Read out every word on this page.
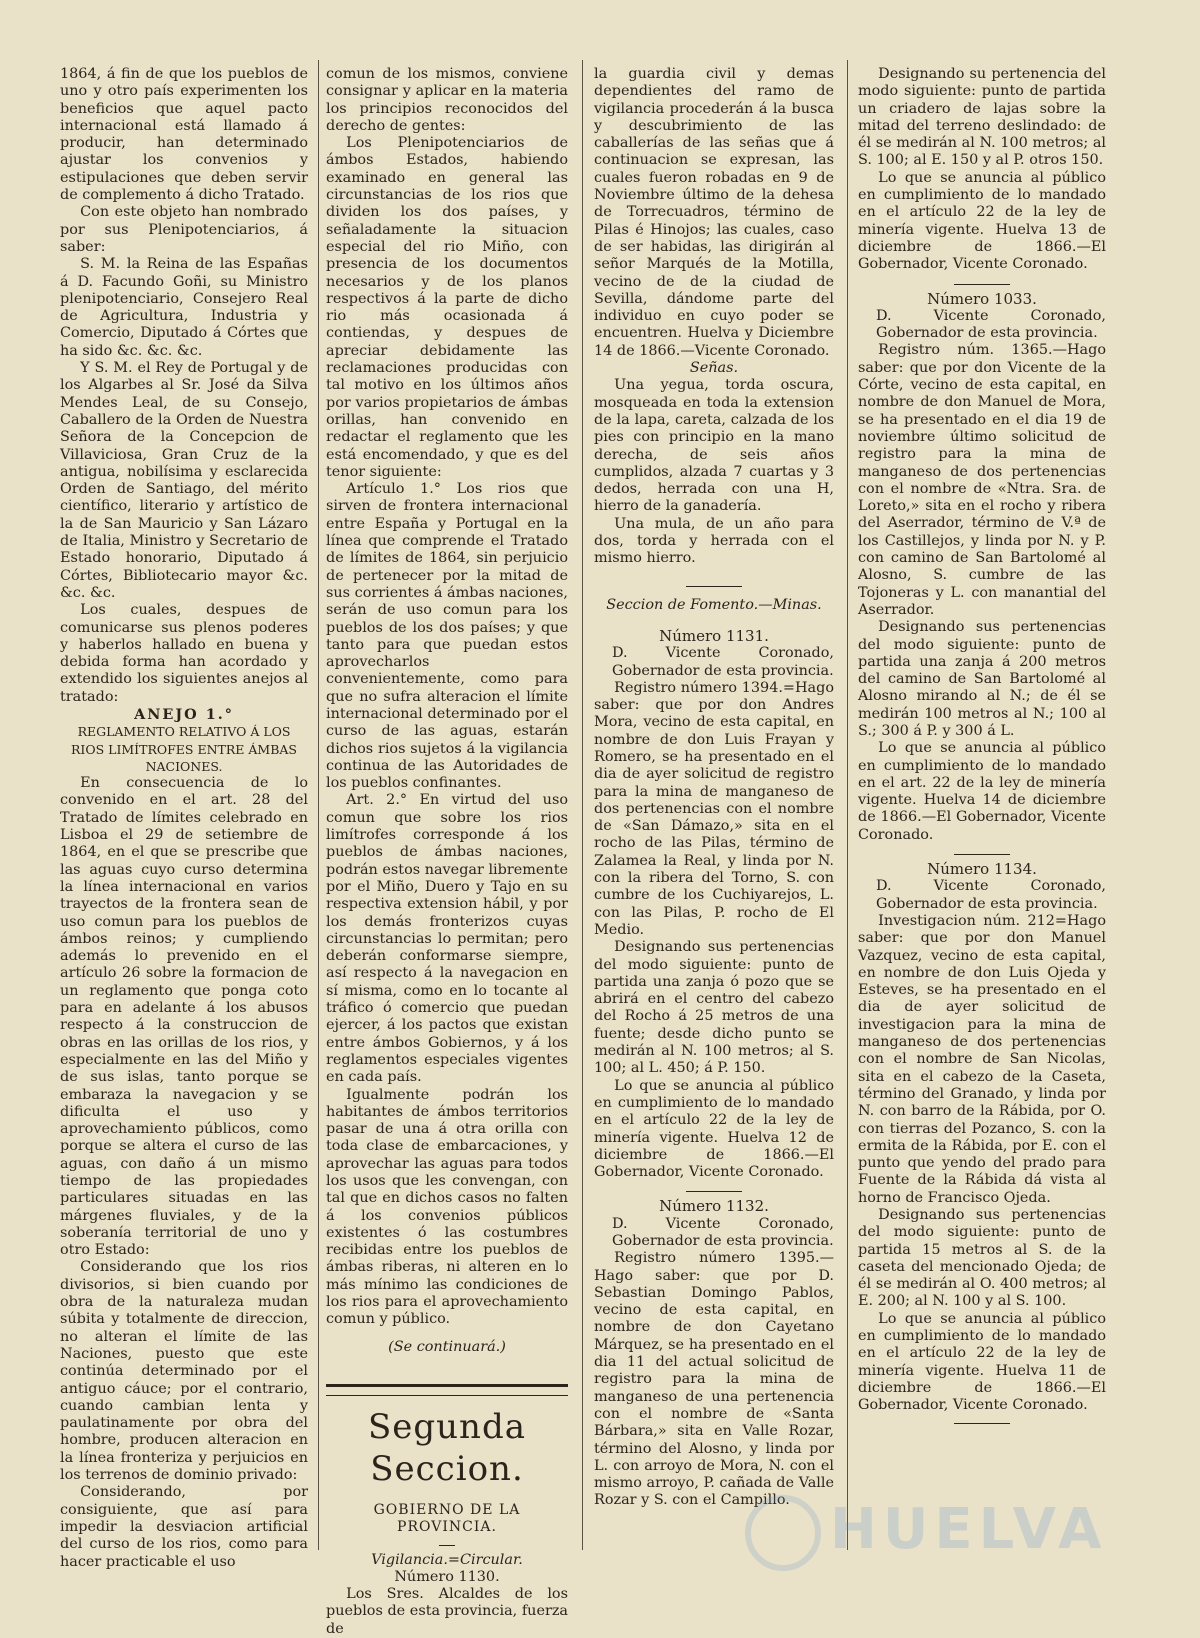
1864, á fin de que los pueblos de uno y otro país experimenten los beneficios que aquel pacto internacional está llamado á producir, han determinado ajustar los convenios y estipulaciones que deben servir de complemento á dicho Tratado.

Con este objeto han nombrado por sus Plenipotenciarios, á saber:

S. M. la Reina de las Españas á D. Facundo Goñi, su Ministro plenipotenciario, Consejero Real de Agricultura, Industria y Comercio, Diputado á Córtes que ha sido &c. &c. &c.

Y S. M. el Rey de Portugal y de los Algarbes al Sr. José da Silva Mendes Leal, de su Consejo, Caballero de la Orden de Nuestra Señora de la Concepcion de Villaviciosa, Gran Cruz de la antigua, nobilísima y esclarecida Orden de Santiago, del mérito científico, literario y artístico de la de San Mauricio y San Lázaro de Italia, Ministro y Secretario de Estado honorario, Diputado á Córtes, Bibliotecario mayor &c. &c. &c.

Los cuales, despues de comunicarse sus plenos poderes y haberlos hallado en buena y debida forma han acordado y extendido los siguientes anejos al tratado:

ANEJO 1.°
REGLAMENTO RELATIVO Á LOS RIOS LIMÍTROFES ENTRE ÁMBAS NACIONES.

En consecuencia de lo convenido en el art. 28 del Tratado de límites celebrado en Lisboa el 29 de setiembre de 1864, en el que se prescribe que las aguas cuyo curso determina la línea internacional en varios trayectos de la frontera sean de uso comun para los pueblos de ámbos reinos; y cumpliendo además lo prevenido en el artículo 26 sobre la formacion de un reglamento que ponga coto para en adelante á los abusos respecto á la construccion de obras en las orillas de los rios, y especialmente en las del Miño y de sus islas, tanto porque se embaraza la navegacion y se dificulta el uso y aprovechamiento públicos, como porque se altera el curso de las aguas, con daño á un mismo tiempo de las propiedades particulares situadas en las márgenes fluviales, y de la soberanía territorial de uno y otro Estado:

Considerando que los rios divisorios, si bien cuando por obra de la naturaleza mudan súbita y totalmente de direccion, no alteran el límite de las Naciones, puesto que este continúa determinado por el antiguo cáuce; por el contrario, cuando cambian lenta y paulatinamente por obra del hombre, producen alteracion en la línea fronteriza y perjuicios en los terrenos de dominio privado:

Considerando, por consiguiente, que así para impedir la desviacion artificial del curso de los rios, como para hacer practicable el uso

comun de los mismos, conviene consignar y aplicar en la materia los principios reconocidos del derecho de gentes:

Los Plenipotenciarios de ámbos Estados, habiendo examinado en general las circunstancias de los rios que dividen los dos países, y señaladamente la situacion especial del rio Miño, con presencia de los documentos necesarios y de los planos respectivos á la parte de dicho rio más ocasionada á contiendas, y despues de apreciar debidamente las reclamaciones producidas con tal motivo en los últimos años por varios propietarios de ámbas orillas, han convenido en redactar el reglamento que les está encomendado, y que es del tenor siguiente:

Artículo 1.° Los rios que sirven de frontera internacional entre España y Portugal en la línea que comprende el Tratado de límites de 1864, sin perjuicio de pertenecer por la mitad de sus corrientes á ámbas naciones, serán de uso comun para los pueblos de los dos países; y que tanto para que puedan estos aprovecharlos convenientemente, como para que no sufra alteracion el límite internacional determinado por el curso de las aguas, estarán dichos rios sujetos á la vigilancia continua de las Autoridades de los pueblos confinantes.

Art. 2.° En virtud del uso comun que sobre los rios limítrofes corresponde á los pueblos de ámbas naciones, podrán estos navegar libremente por el Miño, Duero y Tajo en su respectiva extension hábil, y por los demás fronterizos cuyas circunstancias lo permitan; pero deberán conformarse siempre, así respecto á la navegacion en sí misma, como en lo tocante al tráfico ó comercio que puedan ejercer, á los pactos que existan entre ámbos Gobiernos, y á los reglamentos especiales vigentes en cada país.

Igualmente podrán los habitantes de ámbos territorios pasar de una á otra orilla con toda clase de embarcaciones, y aprovechar las aguas para todos los usos que les convengan, con tal que en dichos casos no falten á los convenios públicos existentes ó las costumbres recibidas entre los pueblos de ámbas riberas, ni alteren en lo más mínimo las condiciones de los rios para el aprovechamiento comun y público.

(Se continuará.)
Segunda Seccion.
GOBIERNO DE LA PROVINCIA.
Vigilancia.=Circular.
Número 1130.

Los Sres. Alcaldes de los pueblos de esta provincia, fuerza de

la guardia civil y demas dependientes del ramo de vigilancia procederán á la busca y descubrimiento de las caballerías de las señas que á continuacion se expresan, las cuales fueron robadas en 9 de Noviembre último de la dehesa de Torrecuadros, término de Pilas é Hinojos; las cuales, caso de ser habidas, las dirigirán al señor Marqués de la Motilla, vecino de de la ciudad de Sevilla, dándome parte del individuo en cuyo poder se encuentren. Huelva y Diciembre 14 de 1866.—Vicente Coronado.

Señas.

Una yegua, torda oscura, mosqueada en toda la extension de la lapa, careta, calzada de los pies con principio en la mano derecha, de seis años cumplidos, alzada 7 cuartas y 3 dedos, herrada con una H, hierro de la ganadería.

Una mula, de un año para dos, torda y herrada con el mismo hierro.

Seccion de Fomento.—Minas.
Número 1131.

D. Vicente Coronado, Gobernador de esta provincia.

Registro número 1394.=Hago saber: que por don Andres Mora, vecino de esta capital, en nombre de don Luis Frayan y Romero, se ha presentado en el dia de ayer solicitud de registro para la mina de manganeso de dos pertenencias con el nombre de «San Dámazo,» sita en el rocho de las Pilas, término de Zalamea la Real, y linda por N. con la ribera del Torno, S. con cumbre de los Cuchiyarejos, L. con las Pilas, P. rocho de El Medio.

Designando sus pertenencias del modo siguiente: punto de partida una zanja ó pozo que se abrirá en el centro del cabezo del Rocho á 25 metros de una fuente; desde dicho punto se medirán al N. 100 metros; al S. 100; al L. 450; á P. 150.

Lo que se anuncia al público en cumplimiento de lo mandado en el artículo 22 de la ley de minería vigente. Huelva 12 de diciembre de 1866.—El Gobernador, Vicente Coronado.

Número 1132.

D. Vicente Coronado, Gobernador de esta provincia.

Registro número 1395.—Hago saber: que por D. Sebastian Domingo Pablos, vecino de esta capital, en nombre de don Cayetano Márquez, se ha presentado en el dia 11 del actual solicitud de registro para la mina de manganeso de una pertenencia con el nombre de «Santa Bárbara,» sita en Valle Rozar, término del Alosno, y linda por L. con arroyo de Mora, N. con el mismo arroyo, P. cañada de Valle Rozar y S. con el Campillo.

Designando su pertenencia del modo siguiente: punto de partida un criadero de lajas sobre la mitad del terreno deslindado: de él se medirán al N. 100 metros; al S. 100; al E. 150 y al P. otros 150.

Lo que se anuncia al público en cumplimiento de lo mandado en el artículo 22 de la ley de minería vigente. Huelva 13 de diciembre de 1866.—El Gobernador, Vicente Coronado.

Número 1033.

D. Vicente Coronado, Gobernador de esta provincia.

Registro núm. 1365.—Hago saber: que por don Vicente de la Córte, vecino de esta capital, en nombre de don Manuel de Mora, se ha presentado en el dia 19 de noviembre último solicitud de registro para la mina de manganeso de dos pertenencias con el nombre de «Ntra. Sra. de Loreto,» sita en el rocho y ribera del Aserrador, término de V.ª de los Castillejos, y linda por N. y P. con camino de San Bartolomé al Alosno, S. cumbre de las Tojoneras y L. con manantial del Aserrador.

Designando sus pertenencias del modo siguiente: punto de partida una zanja á 200 metros del camino de San Bartolomé al Alosno mirando al N.; de él se medirán 100 metros al N.; 100 al S.; 300 á P. y 300 á L.

Lo que se anuncia al público en cumplimiento de lo mandado en el art. 22 de la ley de minería vigente. Huelva 14 de diciembre de 1866.—El Gobernador, Vicente Coronado.

Número 1134.

D. Vicente Coronado, Gobernador de esta provincia.

Investigacion núm. 212=Hago saber: que por don Manuel Vazquez, vecino de esta capital, en nombre de don Luis Ojeda y Esteves, se ha presentado en el dia de ayer solicitud de investigacion para la mina de manganeso de dos pertenencias con el nombre de San Nicolas, sita en el cabezo de la Caseta, término del Granado, y linda por N. con barro de la Rábida, por O. con tierras del Pozanco, S. con la ermita de la Rábida, por E. con el punto que yendo del prado para Fuente de la Rábida dá vista al horno de Francisco Ojeda.

Designando sus pertenencias del modo siguiente: punto de partida 15 metros al S. de la caseta del mencionado Ojeda; de él se medirán al O. 400 metros; al E. 200; al N. 100 y al S. 100.

Lo que se anuncia al público en cumplimiento de lo mandado en el artículo 22 de la ley de minería vigente. Huelva 11 de diciembre de 1866.—El Gobernador, Vicente Coronado.

HUELVA
